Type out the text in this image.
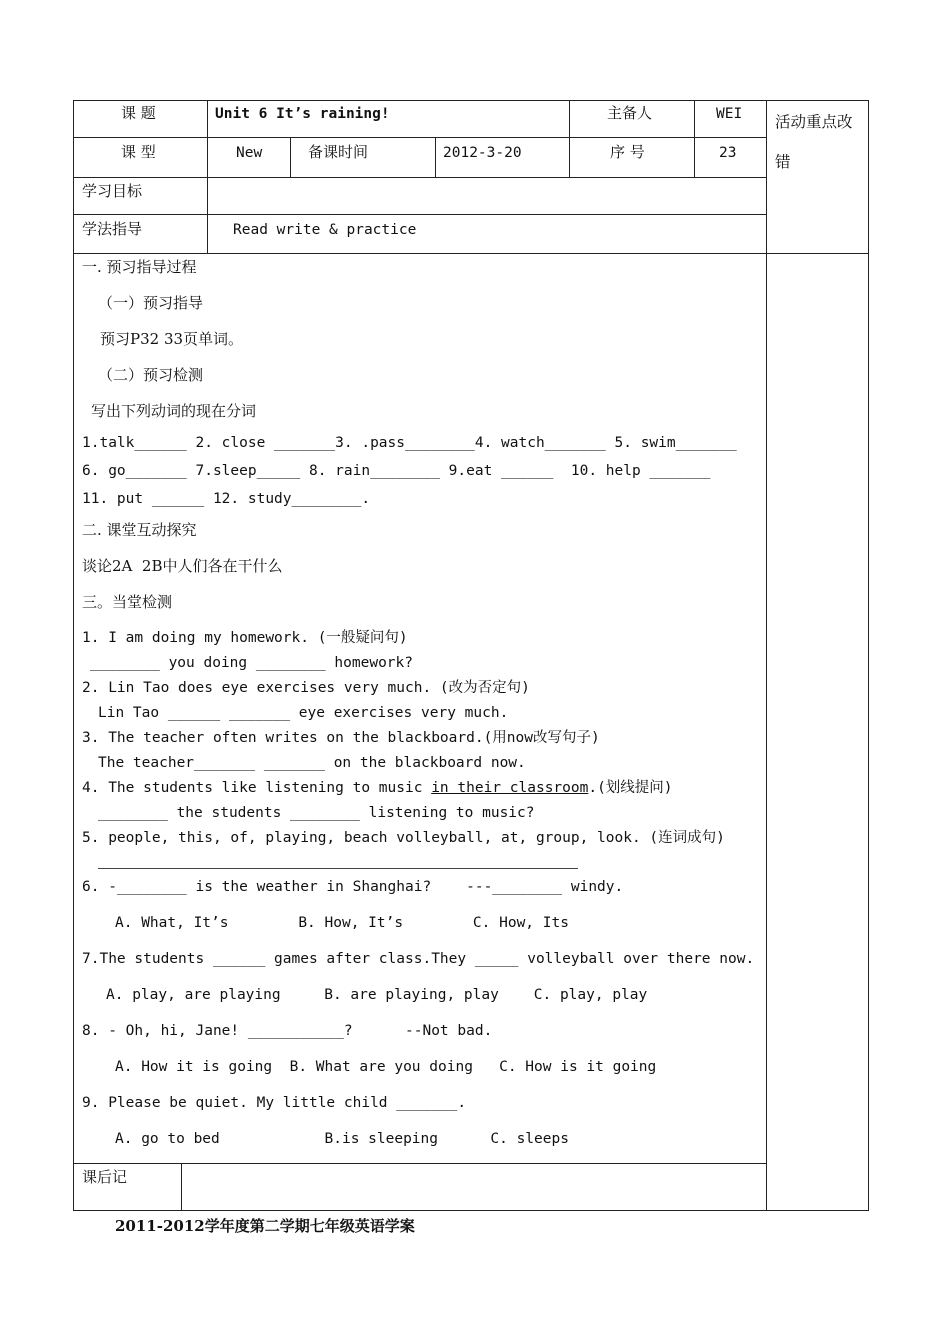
课 题	Unit 6 It’s raining!	主备人	WEI 活动重点改错
课 型	New	备课时间	2012-3-20	序 号	23
学习目标
学法指导	Read write & practice
一. 预习指导过程
（一）预习指导
预习P32 33页单词。
（二）预习检测
写出下列动词的现在分词
1.talk______ 2. close _______3. .pass________4. watch_______ 5. swim_______
6. go_______ 7.sleep_____ 8. rain________ 9.eat ______  10. help _______
11. put ______ 12. study________.
二. 课堂互动探究
谈论2A  2B中人们各在干什么
三。当堂检测
1. I am doing my homework. (一般疑问句)
________ you doing ________ homework?
2. Lin Tao does eye exercises very much. (改为否定句)
Lin Tao ______ _______ eye exercises very much.
3. The teacher often writes on the blackboard.(用now改写句子)
The teacher_______ _______ on the blackboard now.
4. The students like listening to music in their classroom.(划线提问)
________ the students ________ listening to music?
5. people, this, of, playing, beach volleyball, at, group, look. (连词成句)
6. -________ is the weather in Shanghai?    ---________ windy.
A. What, It’s        B. How, It’s        C. How, Its
7.The students ______ games after class.They _____ volleyball over there now.
A. play, are playing     B. are playing, play    C. play, play
8. - Oh, hi, Jane! ___________?      --Not bad.
A. How it is going  B. What are you doing   C. How is it going
9. Please be quiet. My little child _______.
A. go to bed            B.is sleeping      C. sleeps
课后记
2011-2012学年度第二学期七年级英语学案
